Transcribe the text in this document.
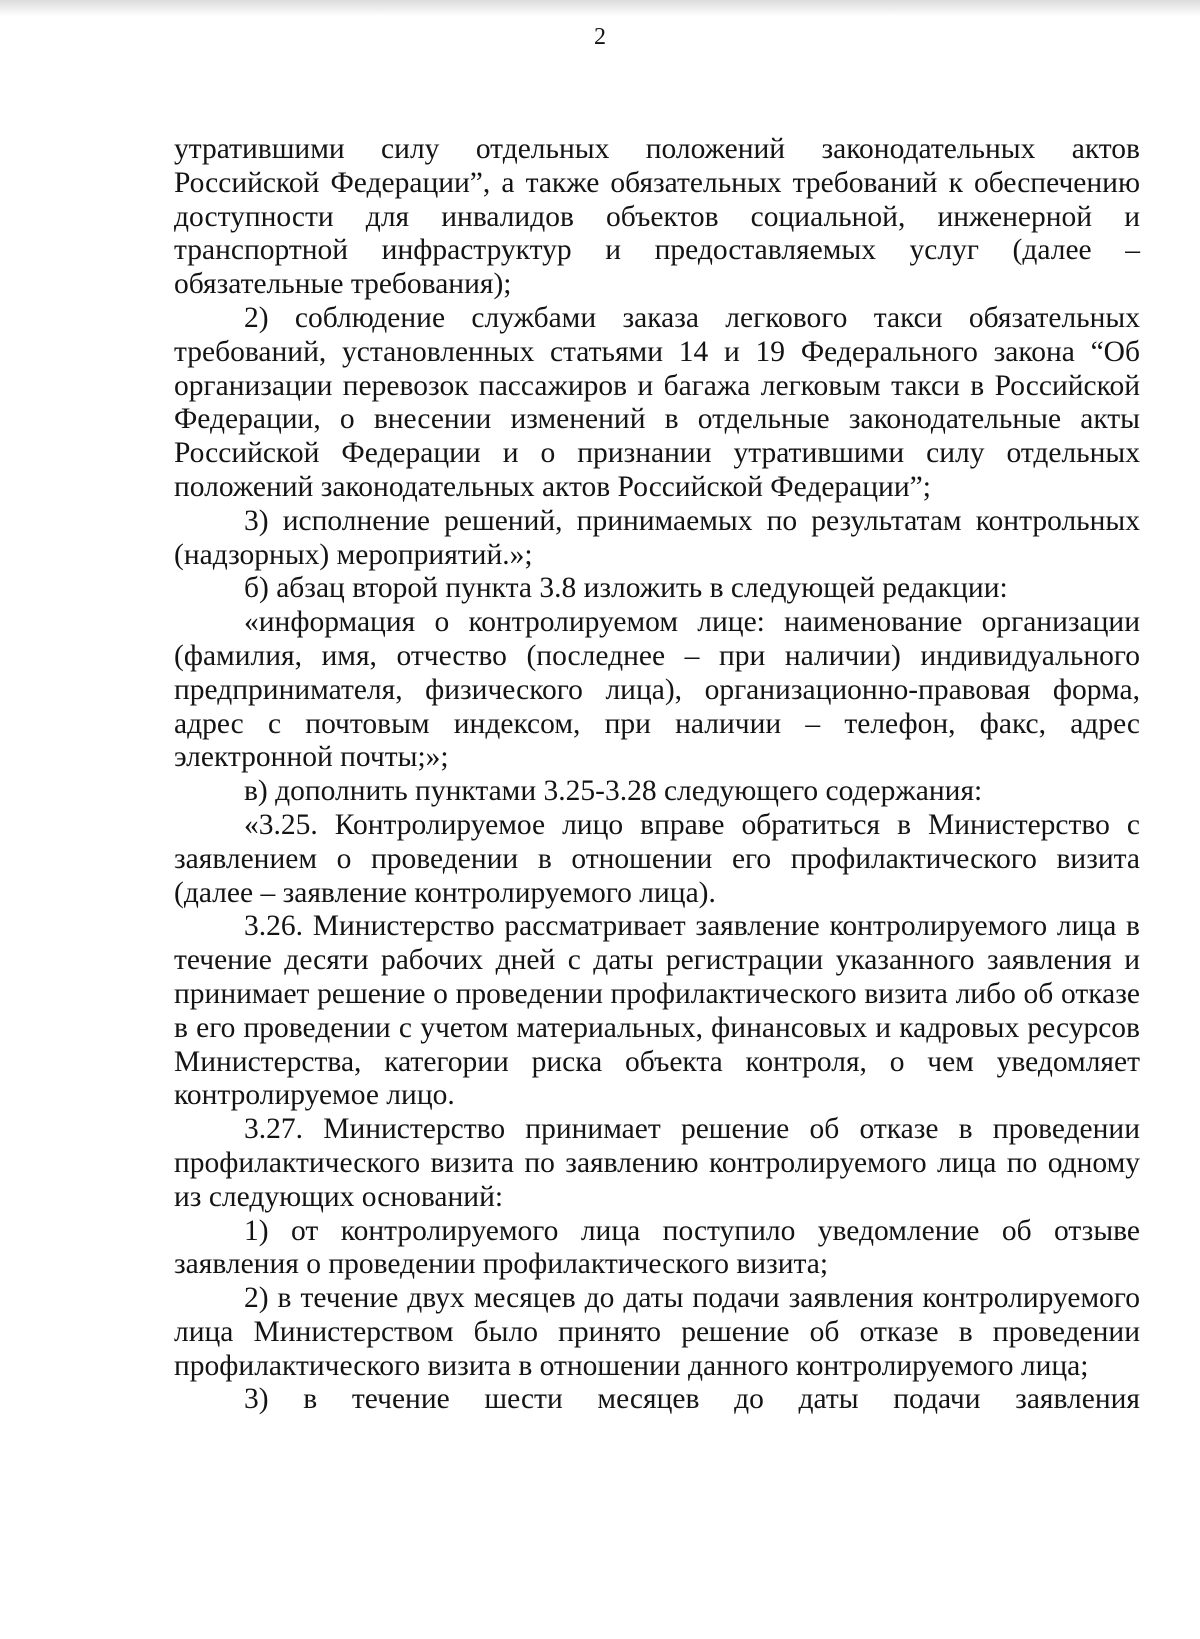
2

утратившими силу отдельных положений законодательных актов Российской Федерации”, а также обязательных требований к обеспечению доступности для инвалидов объектов социальной, инженерной и транспортной инфраструктур и предоставляемых услуг (далее – обязательные требования);

2) соблюдение службами заказа легкового такси обязательных требований, установленных статьями 14 и 19 Федерального закона “Об организации перевозок пассажиров и багажа легковым такси в Российской Федерации, о внесении изменений в отдельные законодательные акты Российской Федерации и о признании утратившими силу отдельных положений законодательных актов Российской Федерации”;

3) исполнение решений, принимаемых по результатам контрольных (надзорных) мероприятий.»;

б) абзац второй пункта 3.8 изложить в следующей редакции:

«информация о контролируемом лице: наименование организации (фамилия, имя, отчество (последнее – при наличии) индивидуального предпринимателя, физического лица), организационно-правовая форма, адрес с почтовым индексом, при наличии – телефон, факс, адрес электронной почты;»;

в) дополнить пунктами 3.25-3.28 следующего содержания:

«3.25. Контролируемое лицо вправе обратиться в Министерство с заявлением о проведении в отношении его профилактического визита (далее – заявление контролируемого лица).

3.26. Министерство рассматривает заявление контролируемого лица в течение десяти рабочих дней с даты регистрации указанного заявления и принимает решение о проведении профилактического визита либо об отказе в его проведении с учетом материальных, финансовых и кадровых ресурсов Министерства, категории риска объекта контроля, о чем уведомляет контролируемое лицо.

3.27. Министерство принимает решение об отказе в проведении профилактического визита по заявлению контролируемого лица по одному из следующих оснований:

1) от контролируемого лица поступило уведомление об отзыве заявления о проведении профилактического визита;

2) в течение двух месяцев до даты подачи заявления контролируемого лица Министерством было принято решение об отказе в проведении профилактического визита в отношении данного контролируемого лица;

3) в течение шести месяцев до даты подачи заявления
